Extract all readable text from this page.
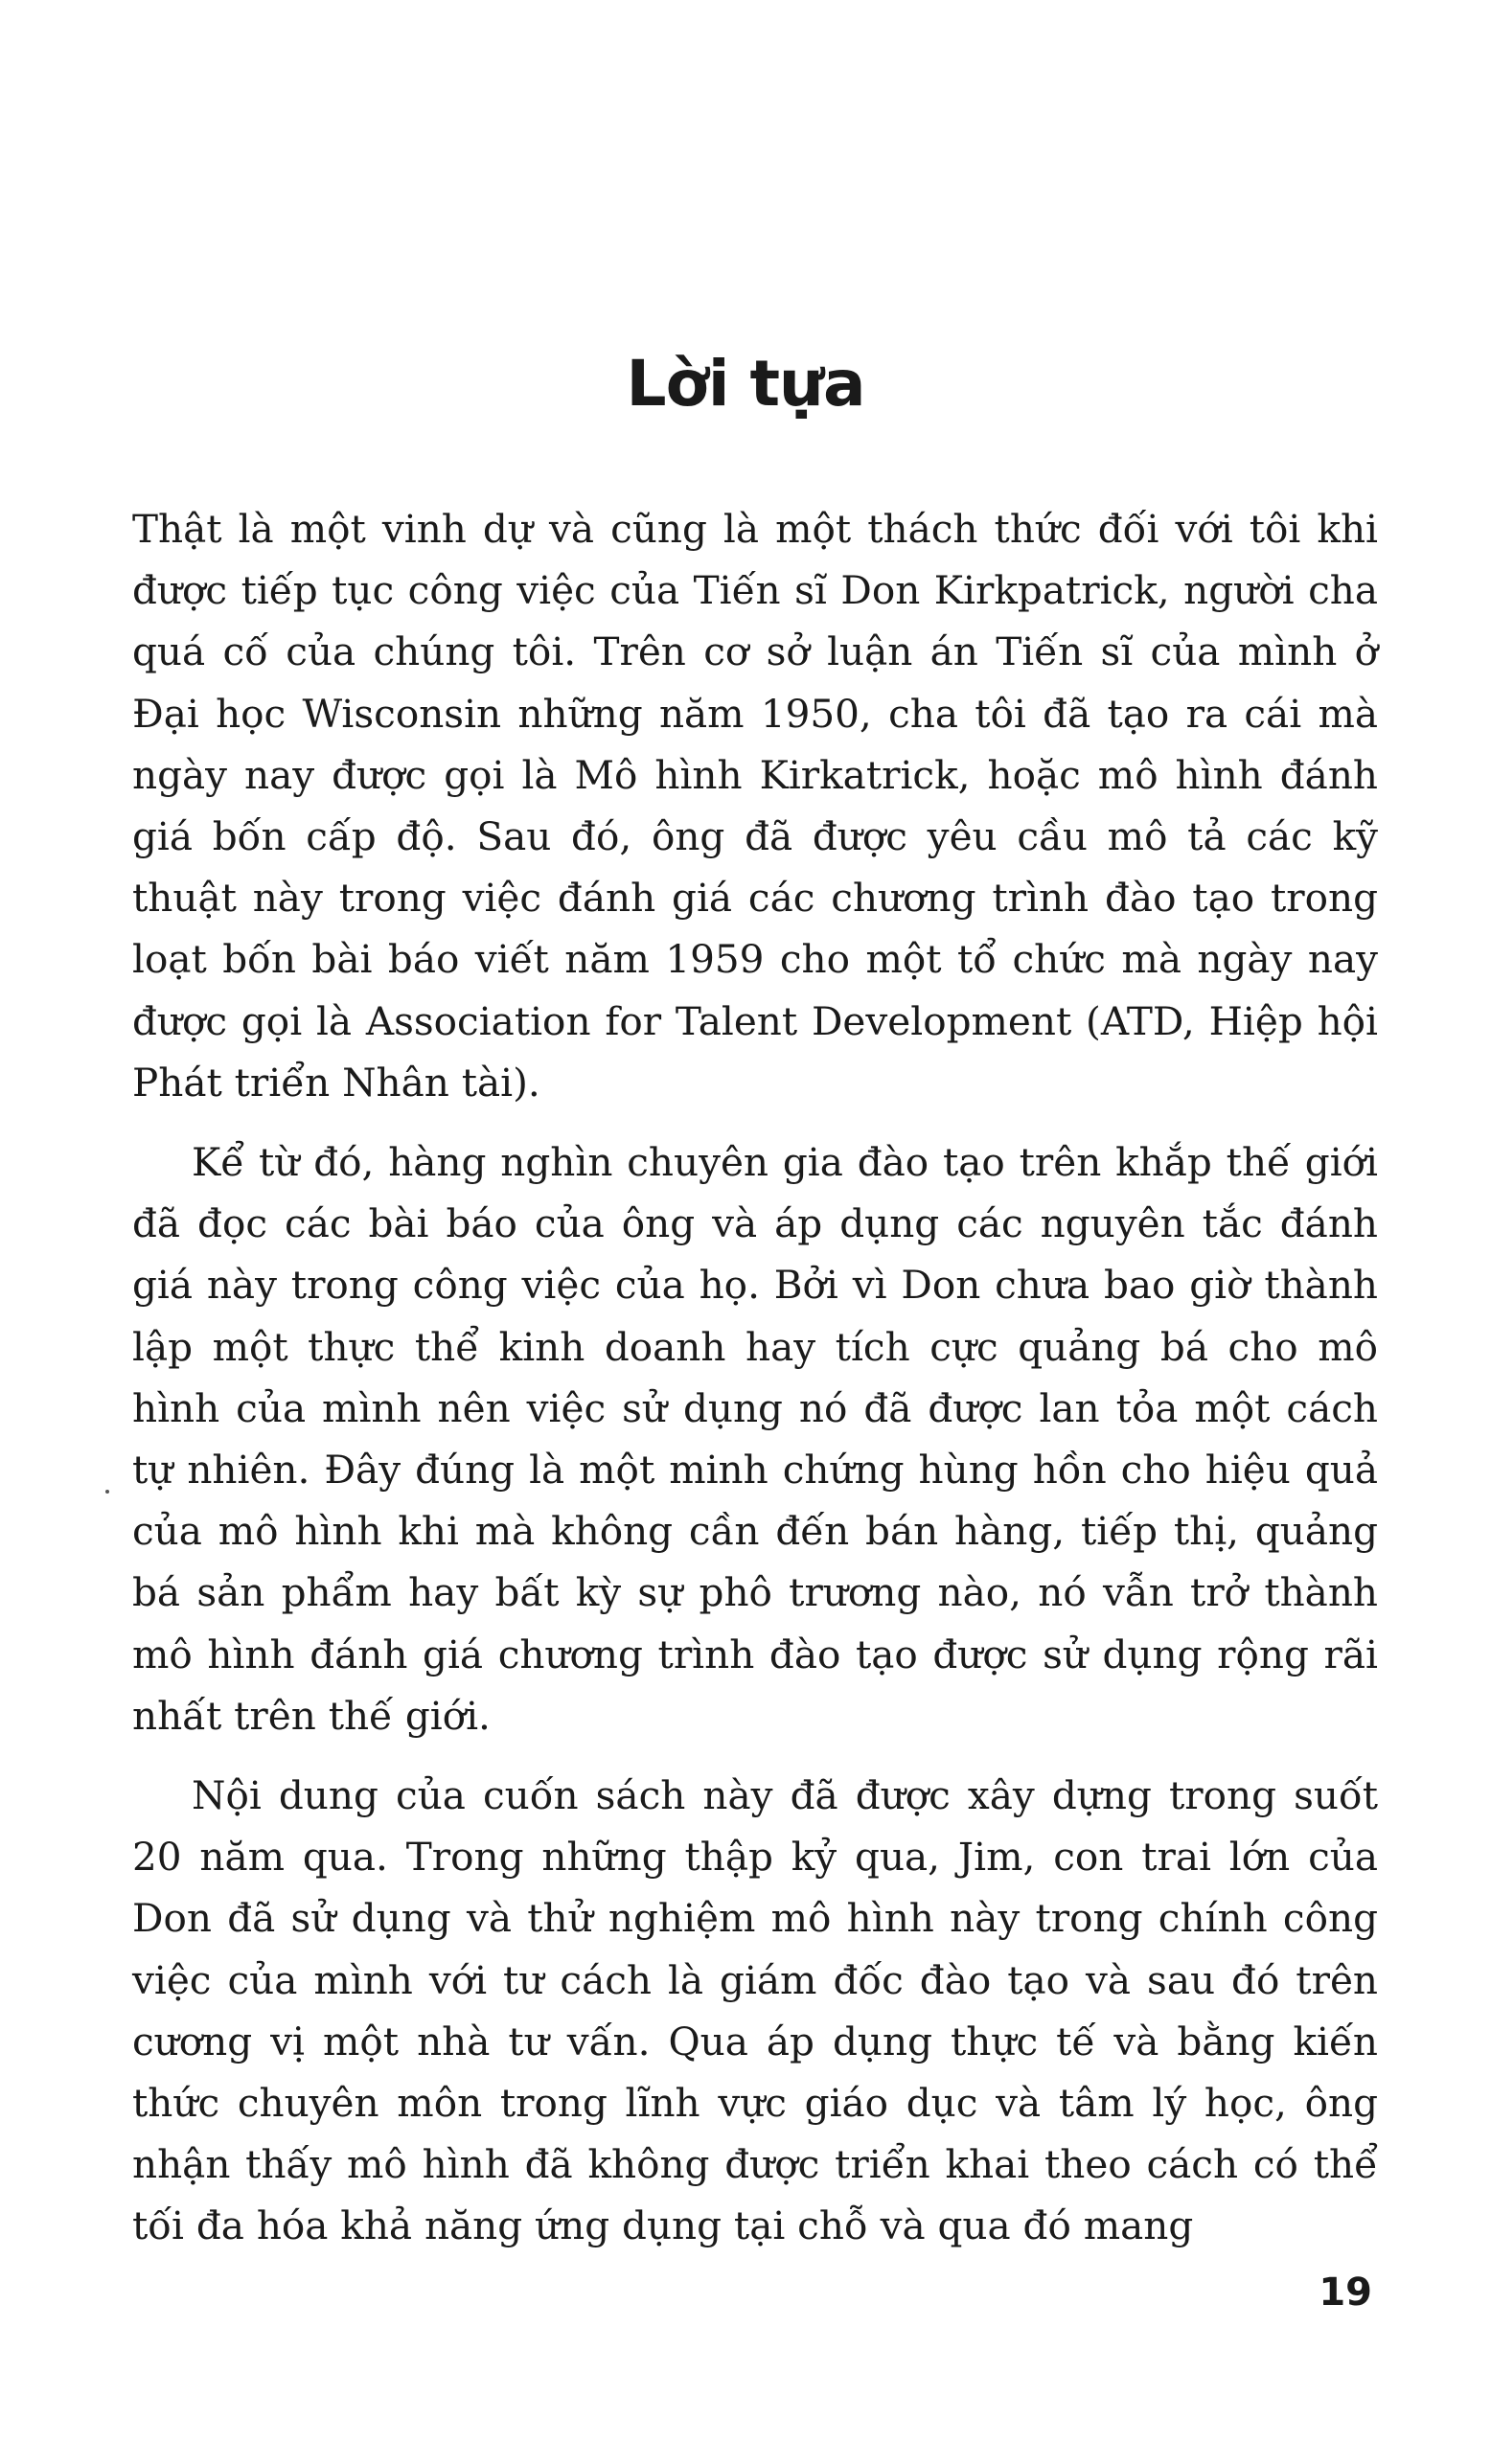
Lời tựa

Thật là một vinh dự và cũng là một thách thức đối với tôi khi được tiếp tục công việc của Tiến sĩ Don Kirkpatrick, người cha quá cố của chúng tôi. Trên cơ sở luận án Tiến sĩ của mình ở Đại học Wisconsin những năm 1950, cha tôi đã tạo ra cái mà ngày nay được gọi là Mô hình Kirkatrick, hoặc mô hình đánh giá bốn cấp độ. Sau đó, ông đã được yêu cầu mô tả các kỹ thuật này trong việc đánh giá các chương trình đào tạo trong loạt bốn bài báo viết năm 1959 cho một tổ chức mà ngày nay được gọi là Association for Talent Development (ATD, Hiệp hội Phát triển Nhân tài).

Kể từ đó, hàng nghìn chuyên gia đào tạo trên khắp thế giới đã đọc các bài báo của ông và áp dụng các nguyên tắc đánh giá này trong công việc của họ. Bởi vì Don chưa bao giờ thành lập một thực thể kinh doanh hay tích cực quảng bá cho mô hình của mình nên việc sử dụng nó đã được lan tỏa một cách tự nhiên. Đây đúng là một minh chứng hùng hồn cho hiệu quả của mô hình khi mà không cần đến bán hàng, tiếp thị, quảng bá sản phẩm hay bất kỳ sự phô trương nào, nó vẫn trở thành mô hình đánh giá chương trình đào tạo được sử dụng rộng rãi nhất trên thế giới.

Nội dung của cuốn sách này đã được xây dựng trong suốt 20 năm qua. Trong những thập kỷ qua, Jim, con trai lớn của Don đã sử dụng và thử nghiệm mô hình này trong chính công việc của mình với tư cách là giám đốc đào tạo và sau đó trên cương vị một nhà tư vấn. Qua áp dụng thực tế và bằng kiến thức chuyên môn trong lĩnh vực giáo dục và tâm lý học, ông nhận thấy mô hình đã không được triển khai theo cách có thể tối đa hóa khả năng ứng dụng tại chỗ và qua đó mang

19
